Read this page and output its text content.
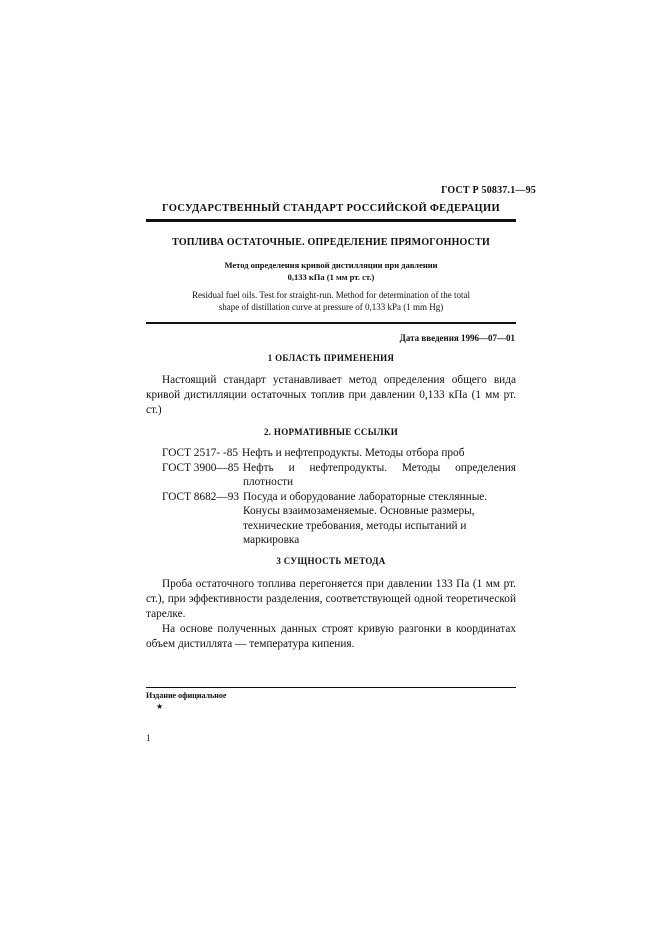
ГОСТ Р 50837.1—95
ГОСУДАРСТВЕННЫЙ СТАНДАРТ РОССИЙСКОЙ ФЕДЕРАЦИИ
ТОПЛИВА ОСТАТОЧНЫЕ. ОПРЕДЕЛЕНИЕ ПРЯМОГОННОСТИ
Метод определения кривой дистилляции при давлении
0,133 кПа (1 мм рт. ст.)
Residual fuel oils. Test for straight-run. Method for determination of the total
shape of distillation curve at pressure of 0,133 kPa (1 mm Hg)
Дата введения 1996—07—01
1 ОБЛАСТЬ ПРИМЕНЕНИЯ

Настоящий стандарт устанавливает метод определения общего вида кривой дистилляции остаточных топлив при давлении 0,133 кПа (1 мм рт. ст.)

2. НОРМАТИВНЫЕ ССЫЛКИ
ГОСТ 2517- -85 Нефть и нефтепродукты. Методы отбора проб
ГОСТ 3900—85 Нефть и нефтепродукты. Методы определения плотности
ГОСТ 8682—93 Посуда и оборудование лабораторные стеклянные. Конусы взаимозаменяемые. Основные размеры, технические требования, методы испытаний и маркировка
3 СУЩНОСТЬ МЕТОДА

Проба остаточного топлива перегоняется при давлении 133 Па (1 мм рт. ст.), при эффективности разделения, соответствующей одной теоретической тарелке.

На основе полученных данных строят кривую разгонки в координатах объем дистиллята — температура кипения.

Издание официальное
★
1
